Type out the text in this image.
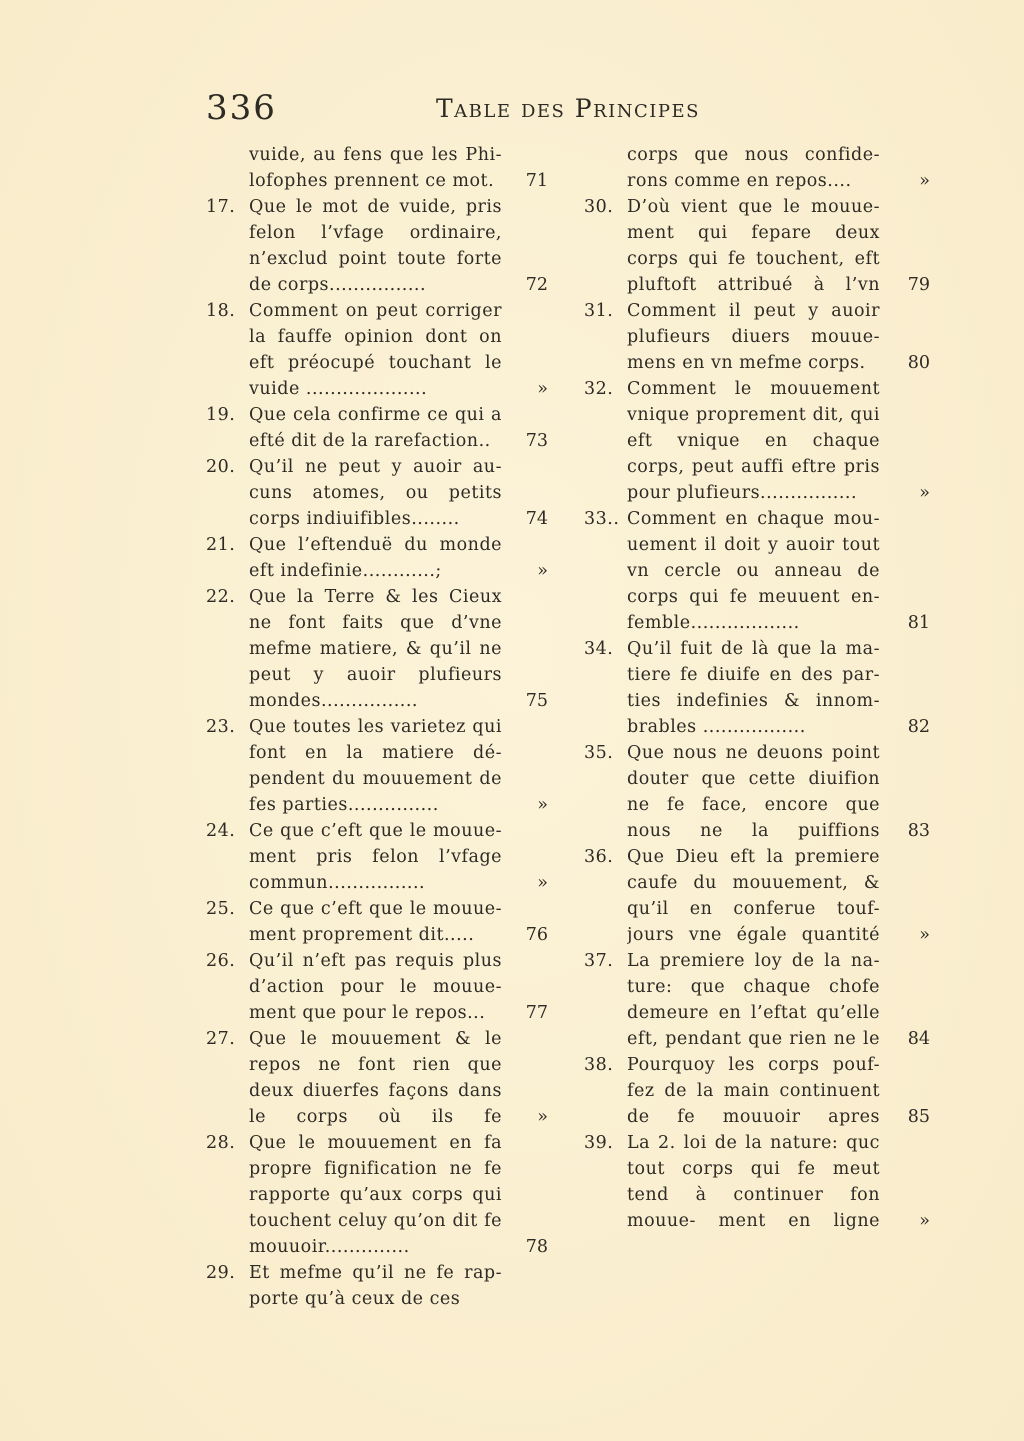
336	Table des Principes
vuide, au fens que les Phi- lofophes prennent ce mot.	71
17. Que le mot de vuide, pris felon l’vfage ordinaire, n’exclud point toute forte de corps................	72
18. Comment on peut corriger la fauffe opinion dont on eft préocupé touchant le vuide ....................	»
19. Que cela confirme ce qui a efté dit de la rarefaction..	73
20. Qu’il ne peut y auoir au- cuns atomes, ou petits corps indiuifibles........	74
21. Que l’eftenduë du monde eft indefinie............;	»
22. Que la Terre & les Cieux ne font faits que d’vne mefme matiere, & qu’il ne peut y auoir plufieurs mondes................	75
23. Que toutes les varietez qui font en la matiere dé- pendent du mouuement de fes parties...............	»
24. Ce que c’eft que le mouue- ment pris felon l’vfage commun................	»
25. Ce que c’eft que le mouue- ment proprement dit.....	76
26. Qu’il n’eft pas requis plus d’action pour le mouue- ment que pour le repos...	77
27. Que le mouuement & le repos ne font rien que deux diuerfes façons dans le corps où ils fe »
28. Que le mouuement en fa propre fignification ne fe rapporte qu’aux corps qui touchent celuy qu’on dit fe mouuoir..............	78
29. Et mefme qu’il ne fe rap- porte qu’à ceux de ces
corps que nous confide- rons comme en repos....	»
30. D’où vient que le mouue- ment qui fepare deux corps qui fe touchent, eft pluftoft attribué à l’vn 79
31. Comment il peut y auoir plufieurs diuers mouue- mens en vn mefme corps.	80
32. Comment le mouuement vnique proprement dit, qui eft vnique en chaque corps, peut auffi eftre pris pour plufieurs................	»
33.. Comment en chaque mou- uement il doit y auoir tout vn cercle ou anneau de corps qui fe meuuent en- femble..................	81
34. Qu’il fuit de là que la ma- tiere fe diuife en des par- ties indefinies & innom- brables .................	82
35. Que nous ne deuons point douter que cette diuifion ne fe face, encore que nous ne la puiffions 83
36. Que Dieu eft la premiere caufe du mouuement, & qu’il en conferue touf- jours vne égale quantité »
37. La premiere loy de la na- ture: que chaque chofe demeure en l’eftat qu’elle eft, pendant que rien ne le 84
38. Pourquoy les corps pouf- fez de la main continuent de fe mouuoir apres 85
39. La 2. loi de la nature: quc tout corps qui fe meut tend à continuer fon mouue- ment en ligne »
